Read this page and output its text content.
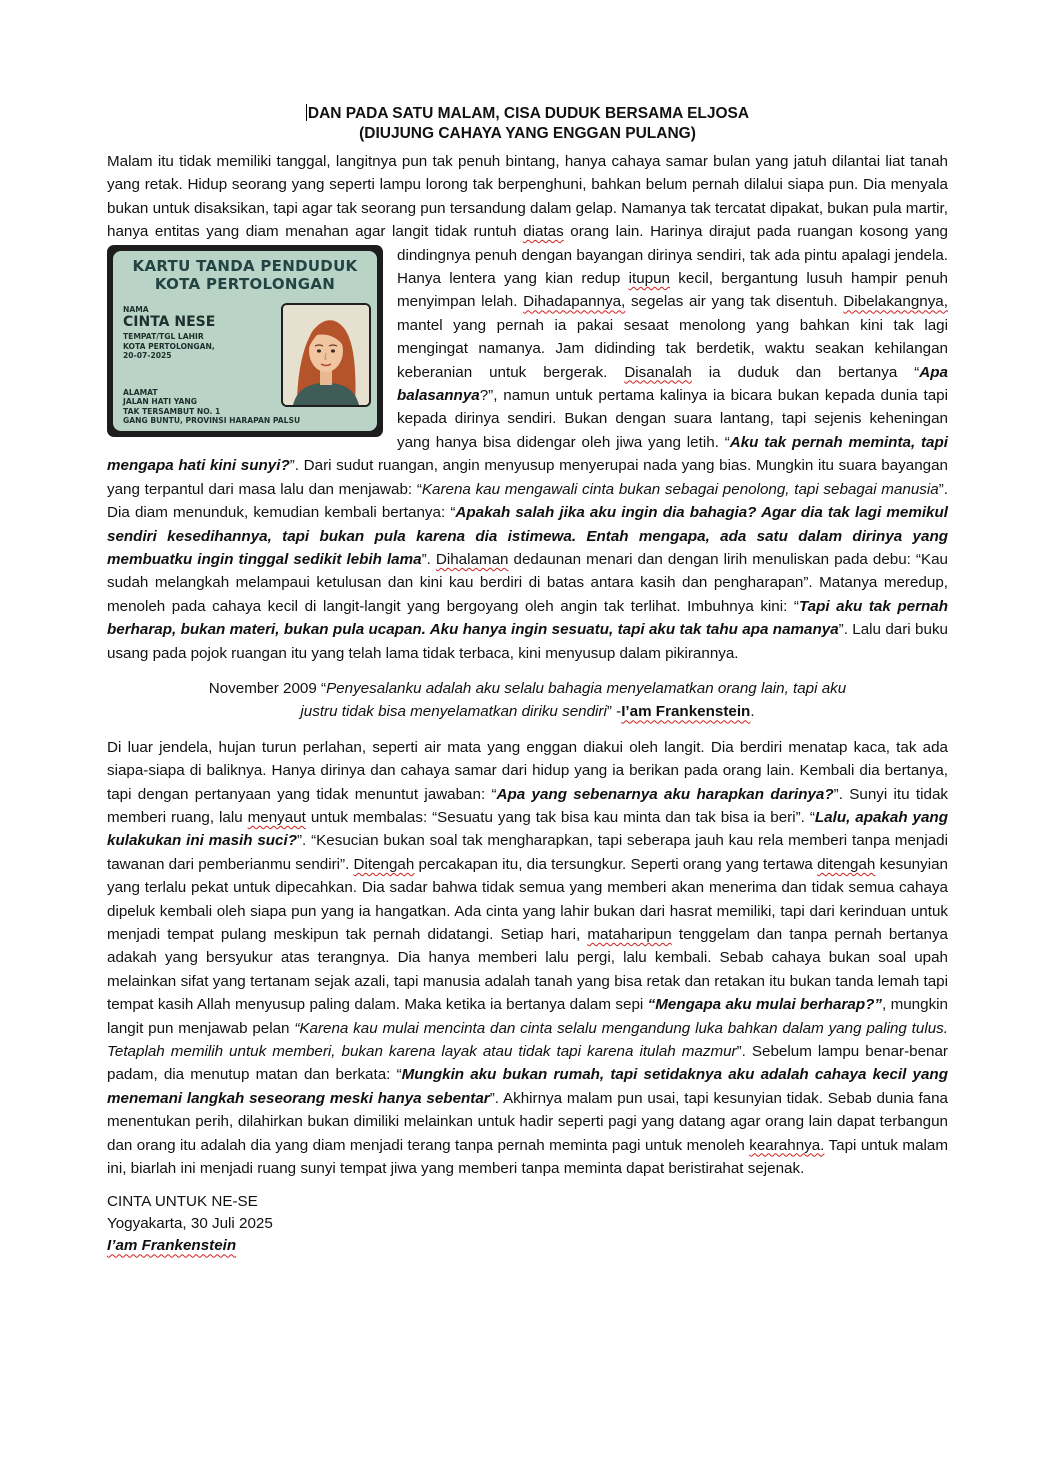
DAN PADA SATU MALAM, CISA DUDUK BERSAMA ELJOSA
(DIUJUNG CAHAYA YANG ENGGAN PULANG)

Malam itu tidak memiliki tanggal, langitnya pun tak penuh bintang, hanya cahaya samar bulan yang jatuh dilantai liat tanah yang retak. Hidup seorang yang seperti lampu lorong tak berpenghuni, bahkan belum pernah dilalui siapa pun. Dia menyala bukan untuk disaksikan, tapi agar tak seorang pun tersandung dalam gelap. Namanya tak tercatat dipakat, bukan pula martir, hanya entitas yang diam menahan agar langit tidak runtuh diatas orang lain. Harinya dirajut pada ruangan kosong yang dindingnya penuh dengan bayangan dirinya sendiri, tak ada pintu
KARTU TANDA PENDUDUK
KOTA PERTOLONGAN
NAMA
CINTA NESE
TEMPAT/TGL LAHIR
KOTA PERTOLONGAN,
20-07-2025
ALAMAT
JALAN HATI YANG
TAK TERSAMBUT NO. 1
GANG BUNTU, PROVINSI HARAPAN PALSU
apalagi jendela. Hanya lentera yang kian redup itupun kecil, bergantung lusuh hampir penuh menyimpan lelah. Dihadapannya, segelas air yang tak disentuh. Dibelakangnya, mantel yang pernah ia pakai sesaat menolong yang bahkan kini tak lagi mengingat namanya. Jam didinding tak berdetik, waktu seakan kehilangan keberanian untuk bergerak. Disanalah ia duduk dan bertanya “Apa balasannya?”, namun untuk pertama kalinya ia bicara bukan kepada dunia tapi kepada dirinya sendiri. Bukan dengan suara lantang, tapi sejenis keheningan yang hanya bisa didengar oleh jiwa yang letih. “Aku tak pernah meminta, tapi mengapa hati kini sunyi?”. Dari sudut ruangan, angin menyusup menyerupai nada yang bias. Mungkin itu suara bayangan yang terpantul dari masa lalu dan menjawab: “Karena kau mengawali cinta bukan sebagai penolong, tapi sebagai manusia”. Dia diam menunduk, kemudian kembali bertanya: “Apakah salah jika aku ingin dia bahagia? Agar dia tak lagi memikul sendiri kesedihannya, tapi bukan pula karena dia istimewa. Entah mengapa, ada satu dalam dirinya yang membuatku ingin tinggal sedikit lebih lama”. Dihalaman dedaunan menari dan dengan lirih menuliskan pada debu: “Kau sudah melangkah melampaui ketulusan dan kini kau berdiri di batas antara kasih dan pengharapan”. Matanya meredup, menoleh pada cahaya kecil di langit-langit yang bergoyang oleh angin tak terlihat. Imbuhnya kini: “Tapi aku tak pernah berharap, bukan materi, bukan pula ucapan. Aku hanya ingin sesuatu, tapi aku tak tahu apa namanya”. Lalu dari buku usang pada pojok ruangan itu yang telah lama tidak terbaca, kini menyusup dalam pikirannya.

November 2009 “Penyesalanku adalah aku selalu bahagia menyelamatkan orang lain, tapi aku
justru tidak bisa menyelamatkan diriku sendiri” -I’am Frankenstein.

Di luar jendela, hujan turun perlahan, seperti air mata yang enggan diakui oleh langit. Dia berdiri menatap kaca, tak ada siapa-siapa di baliknya. Hanya dirinya dan cahaya samar dari hidup yang ia berikan pada orang lain. Kembali dia bertanya, tapi dengan pertanyaan yang tidak menuntut jawaban: “Apa yang sebenarnya aku harapkan darinya?”. Sunyi itu tidak memberi ruang, lalu menyaut untuk membalas: “Sesuatu yang tak bisa kau minta dan tak bisa ia beri”. “Lalu, apakah yang kulakukan ini masih suci?”. “Kesucian bukan soal tak mengharapkan, tapi seberapa jauh kau rela memberi tanpa menjadi tawanan dari pemberianmu sendiri”. Ditengah percakapan itu, dia tersungkur. Seperti orang yang tertawa ditengah kesunyian yang terlalu pekat untuk dipecahkan. Dia sadar bahwa tidak semua yang memberi akan menerima dan tidak semua cahaya dipeluk kembali oleh siapa pun yang ia hangatkan. Ada cinta yang lahir bukan dari hasrat memiliki, tapi dari kerinduan untuk menjadi tempat pulang meskipun tak pernah didatangi. Setiap hari, mataharipun tenggelam dan tanpa pernah bertanya adakah yang bersyukur atas terangnya. Dia hanya memberi lalu pergi, lalu kembali. Sebab cahaya bukan soal upah melainkan sifat yang tertanam sejak azali, tapi manusia adalah tanah yang bisa retak dan retakan itu bukan tanda lemah tapi tempat kasih Allah menyusup paling dalam. Maka ketika ia bertanya dalam sepi “Mengapa aku mulai berharap?”, mungkin langit pun menjawab pelan “Karena kau mulai mencinta dan cinta selalu mengandung luka bahkan dalam yang paling tulus. Tetaplah memilih untuk memberi, bukan karena layak atau tidak tapi karena itulah mazmur”. Sebelum lampu benar-benar padam, dia menutup matan dan berkata: “Mungkin aku bukan rumah, tapi setidaknya aku adalah cahaya kecil yang menemani langkah seseorang meski hanya sebentar”. Akhirnya malam pun usai, tapi kesunyian tidak. Sebab dunia fana menentukan perih, dilahirkan bukan dimiliki melainkan untuk hadir seperti pagi yang datang agar orang lain dapat terbangun dan orang itu adalah dia yang diam menjadi terang tanpa pernah meminta pagi untuk menoleh kearahnya. Tapi untuk malam ini, biarlah ini menjadi ruang sunyi tempat jiwa yang memberi tanpa meminta dapat beristirahat sejenak.

CINTA UNTUK NE-SE
Yogyakarta, 30 Juli 2025
I’am Frankenstein
